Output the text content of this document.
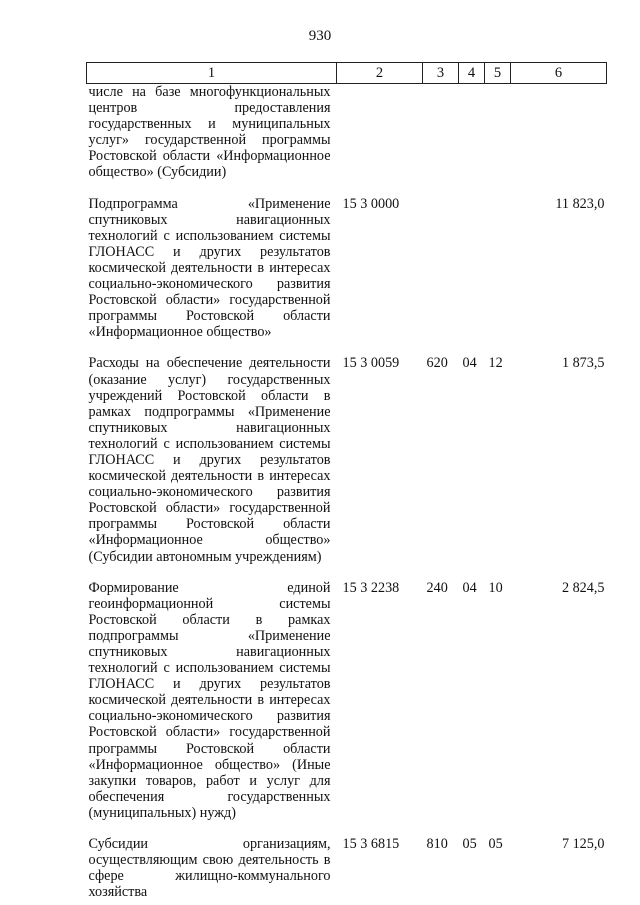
930
1	2	3	4	5	6
числе на базе многофункциональных центров предоставления государственных и муниципальных услуг» государственной программы Ростовской области «Информационное общество» (Субсидии)					

Подпрограмма «Применение спутниковых навигационных технологий с использованием системы ГЛОНАСС и других результатов космической деятельности в интересах социально-экономического развития Ростовской области» государственной программы Ростовской области «Информационное общество»	15 3 0000				11 823,0

Расходы на обеспечение деятельности (оказание услуг) государственных учреждений Ростовской области в рамках подпрограммы «Применение спутниковых навигационных технологий с использованием системы ГЛОНАСС и других результатов космической деятельности в интересах социально-экономического развития Ростовской области» государственной программы Ростовской области «Информационное общество» (Субсидии автономным учреждениям)	15 3 0059	620	04	12	1 873,5

Формирование единой геоинформационной системы Ростовской области в рамках подпрограммы «Применение спутниковых навигационных технологий с использованием системы ГЛОНАСС и других результатов космической деятельности в интересах социально-экономического развития Ростовской области» государственной программы Ростовской области «Информационное общество» (Иные закупки товаров, работ и услуг для обеспечения государственных (муниципальных) нужд)	15 3 2238	240	04	10	2 824,5

Субсидии организациям, осуществляющим свою деятельность в сфере жилищно-коммунального хозяйства	15 3 6815	810	05	05	7 125,0
